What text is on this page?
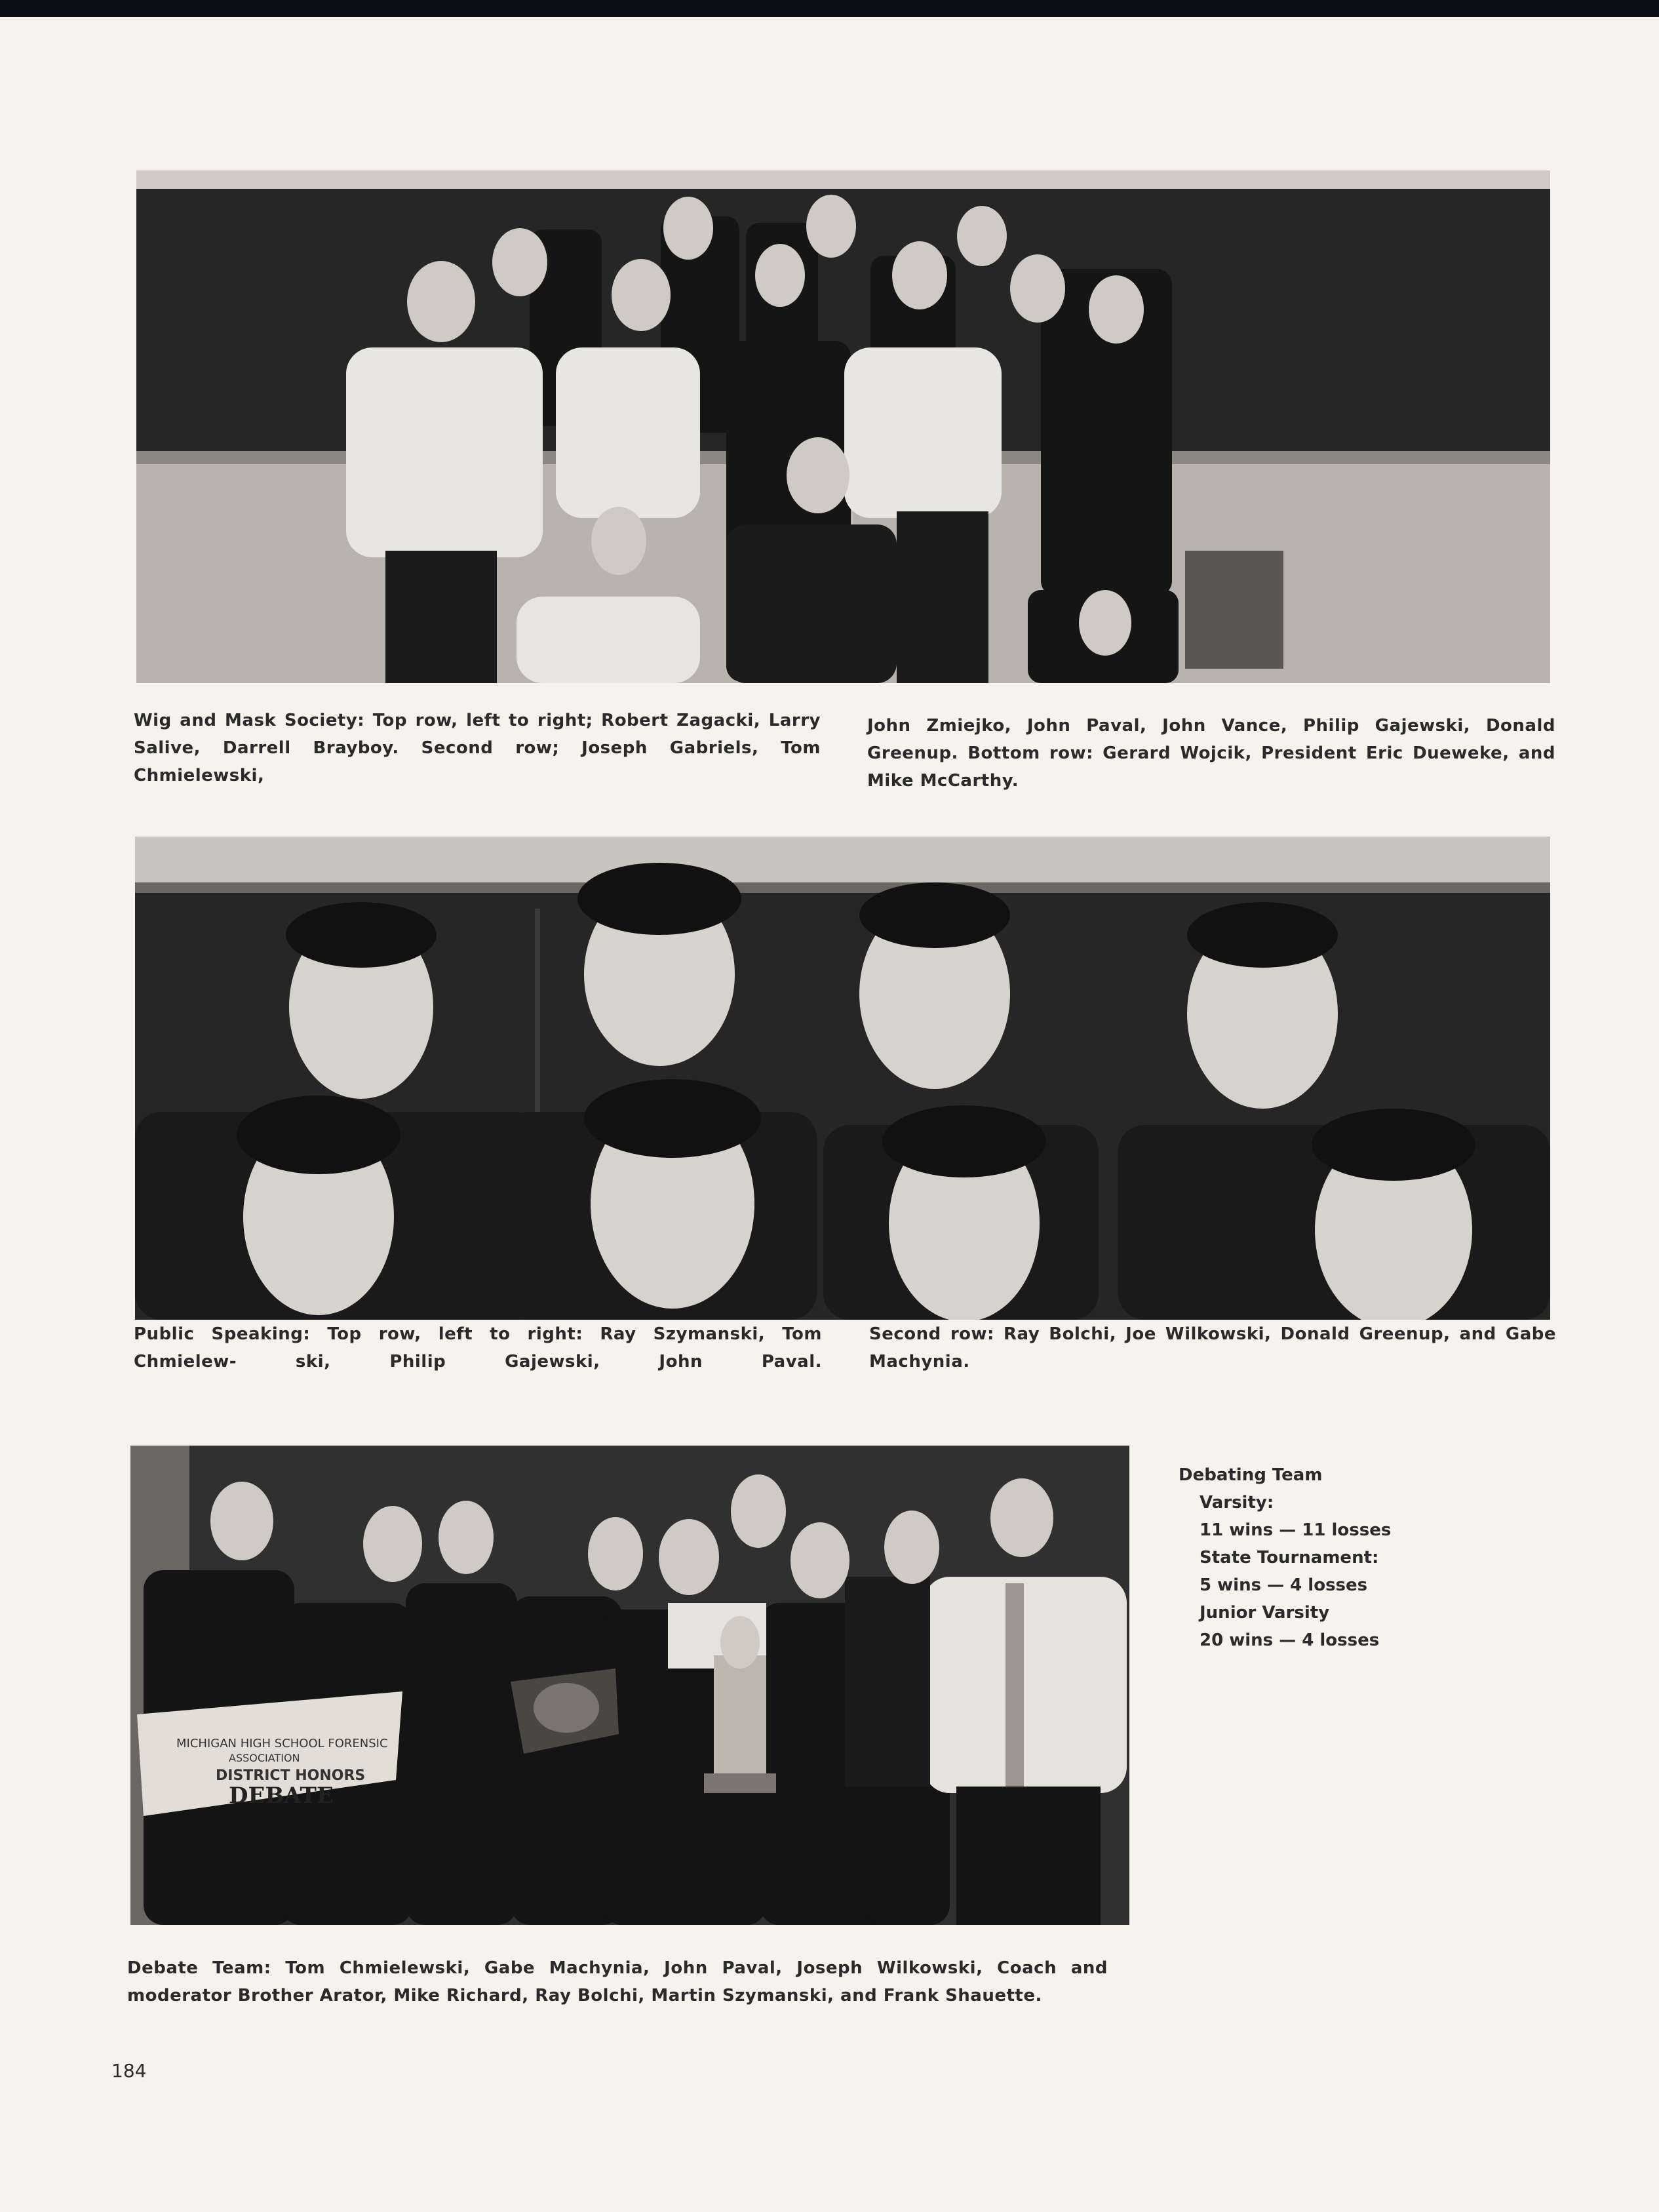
Wig and Mask Society: Top row, left to right; Robert Zagacki, Larry Salive, Darrell Brayboy. Second row; Joseph Gabriels, Tom Chmielewski,
John Zmiejko, John Paval, John Vance, Philip Gajewski, Donald Greenup. Bottom row: Gerard Wojcik, President Eric Dueweke, and Mike McCarthy.
Public Speaking: Top row, left to right: Ray Szymanski, Tom Chmielew- ski, Philip Gajewski, John Paval.
Second row: Ray Bolchi, Joe Wilkowski, Donald Greenup, and Gabe Machynia.
MICHIGAN HIGH SCHOOL FORENSIC
ASSOCIATION
DISTRICT HONORS
DEBATE
Debate Team: Tom Chmielewski, Gabe Machynia, John Paval, Joseph Wilkowski, Coach and moderator Brother Arator, Mike Richard, Ray Bolchi, Martin Szymanski, and Frank Shauette.
Debating Team
Varsity:
11 wins — 11 losses
State Tournament:
5 wins — 4 losses
Junior Varsity
20 wins — 4 losses
184
